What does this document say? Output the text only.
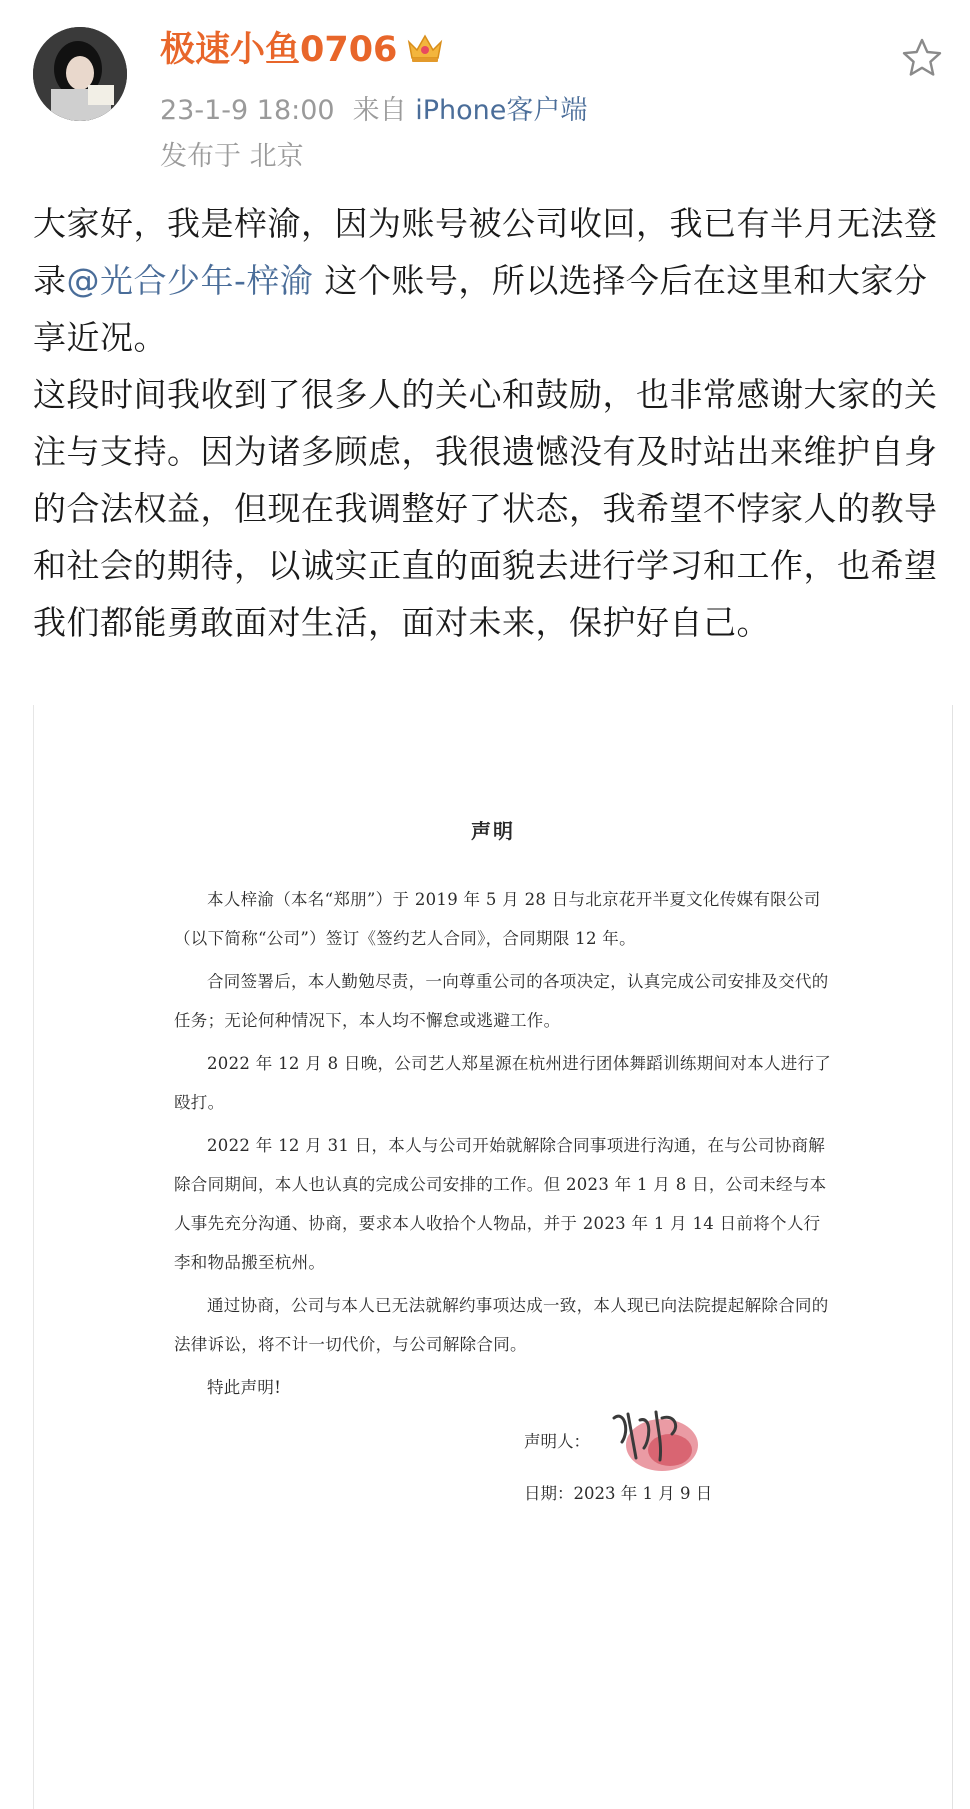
极速小鱼0706
23-1-9 18:00 来自 iPhone客户端
发布于 北京

大家好，我是梓渝，因为账号被公司收回，我已有半月无法登录@光合少年-梓渝 这个账号，所以选择今后在这里和大家分享近况。

这段时间我收到了很多人的关心和鼓励，也非常感谢大家的关注与支持。因为诸多顾虑，我很遗憾没有及时站出来维护自身的合法权益，但现在我调整好了状态，我希望不悖家人的教导和社会的期待，以诚实正直的面貌去进行学习和工作，也希望我们都能勇敢面对生活，面对未来，保护好自己。

声明

本人梓渝（本名“郑朋”）于 2019 年 5 月 28 日与北京花开半夏文化传媒有限公司（以下简称“公司”）签订《签约艺人合同》，合同期限 12 年。

合同签署后，本人勤勉尽责，一向尊重公司的各项决定，认真完成公司安排及交代的任务；无论何种情况下，本人均不懈怠或逃避工作。

2022 年 12 月 8 日晚，公司艺人郑星源在杭州进行团体舞蹈训练期间对本人进行了殴打。

2022 年 12 月 31 日，本人与公司开始就解除合同事项进行沟通，在与公司协商解除合同期间，本人也认真的完成公司安排的工作。但 2023 年 1 月 8 日，公司未经与本人事先充分沟通、协商，要求本人收拾个人物品，并于 2023 年 1 月 14 日前将个人行李和物品搬至杭州。

通过协商，公司与本人已无法就解约事项达成一致，本人现已向法院提起解除合同的法律诉讼，将不计一切代价，与公司解除合同。

特此声明!

声明人：
日期：2023 年 1 月 9 日
